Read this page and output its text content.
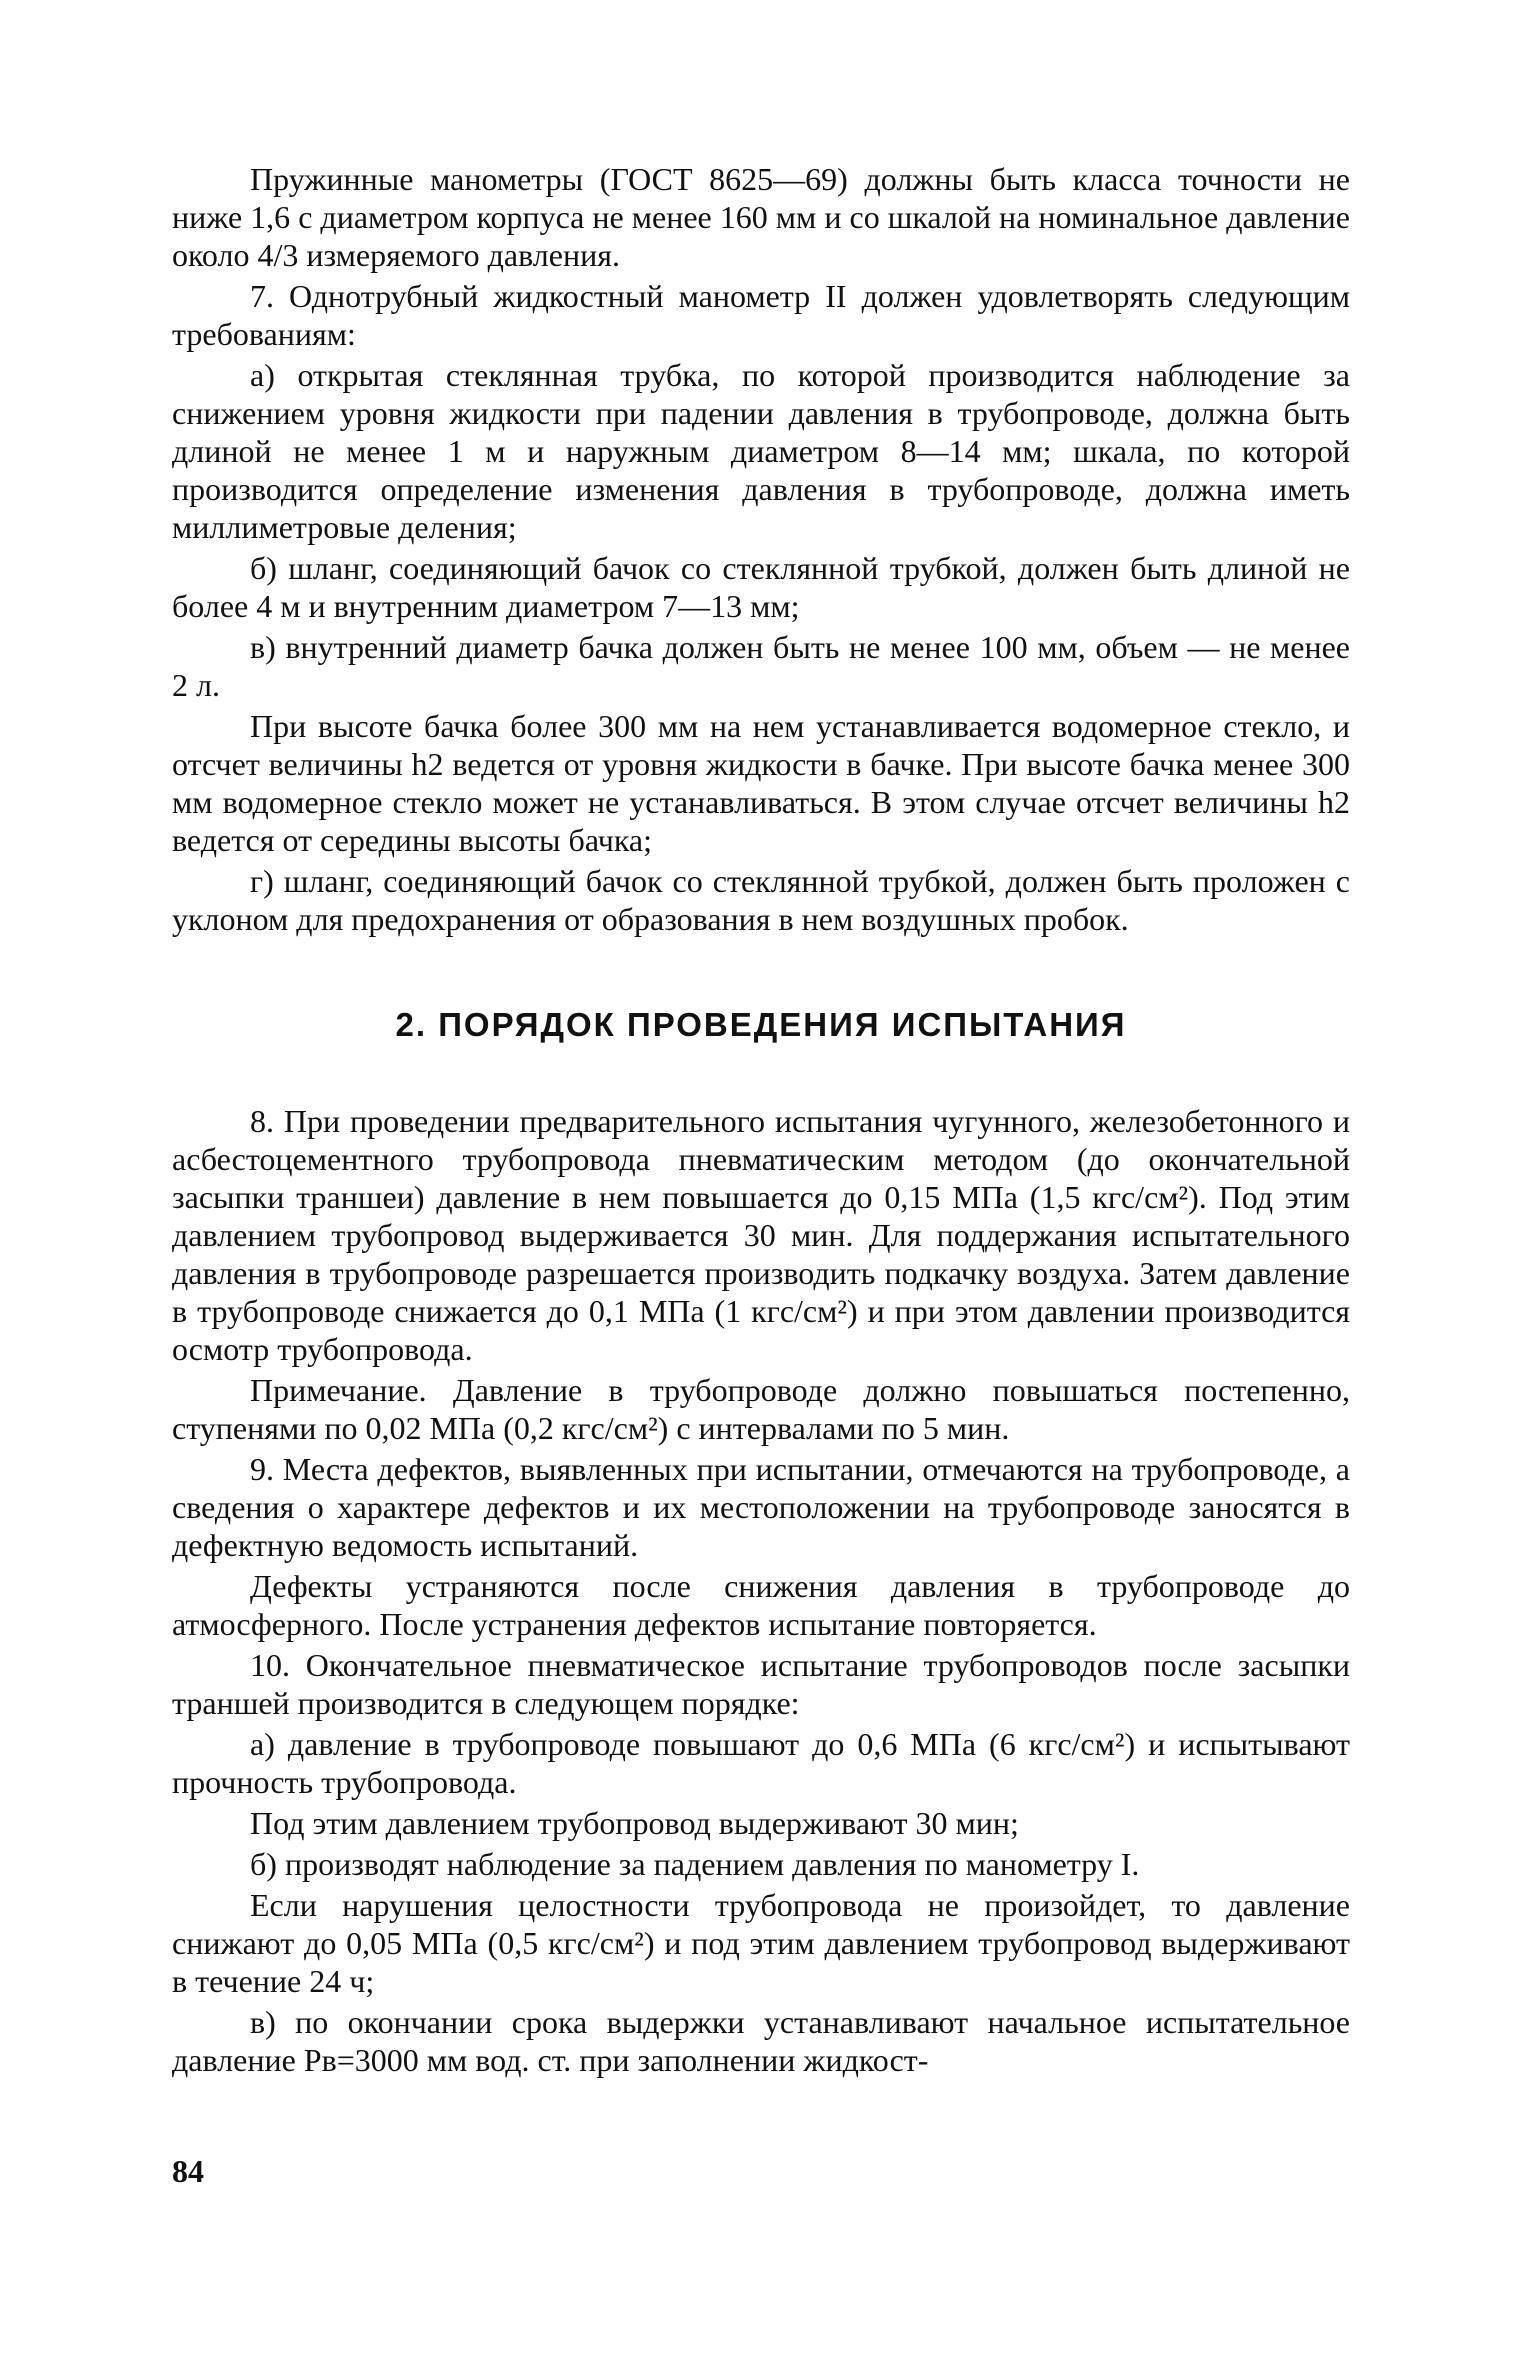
Пружинные манометры (ГОСТ 8625—69) должны быть класса точности не ниже 1,6 с диаметром корпуса не менее 160 мм и со шкалой на номинальное давление около 4/3 измеряемого давления.

7. Однотрубный жидкостный манометр II должен удовлетворять следующим требованиям:

а) открытая стеклянная трубка, по которой производится наблюдение за снижением уровня жидкости при падении давления в трубопроводе, должна быть длиной не менее 1 м и наружным диаметром 8—14 мм; шкала, по которой производится определение изменения давления в трубопроводе, должна иметь миллиметровые деления;

б) шланг, соединяющий бачок со стеклянной трубкой, должен быть длиной не более 4 м и внутренним диаметром 7—13 мм;

в) внутренний диаметр бачка должен быть не менее 100 мм, объем — не менее 2 л.

При высоте бачка более 300 мм на нем устанавливается водомерное стекло, и отсчет величины h2 ведется от уровня жидкости в бачке. При высоте бачка менее 300 мм водомерное стекло может не устанавливаться. В этом случае отсчет величины h2 ведется от середины высоты бачка;

г) шланг, соединяющий бачок со стеклянной трубкой, должен быть проложен с уклоном для предохранения от образования в нем воздушных пробок.

2. ПОРЯДОК ПРОВЕДЕНИЯ ИСПЫТАНИЯ

8. При проведении предварительного испытания чугунного, железобетонного и асбестоцементного трубопровода пневматическим методом (до окончательной засыпки траншеи) давление в нем повышается до 0,15 МПа (1,5 кгс/см²). Под этим давлением трубопровод выдерживается 30 мин. Для поддержания испытательного давления в трубопроводе разрешается производить подкачку воздуха. Затем давление в трубопроводе снижается до 0,1 МПа (1 кгс/см²) и при этом давлении производится осмотр трубопровода.

Примечание. Давление в трубопроводе должно повышаться постепенно, ступенями по 0,02 МПа (0,2 кгс/см²) с интервалами по 5 мин.

9. Места дефектов, выявленных при испытании, отмечаются на трубопроводе, а сведения о характере дефектов и их местоположении на трубопроводе заносятся в дефектную ведомость испытаний.

Дефекты устраняются после снижения давления в трубопроводе до атмосферного. После устранения дефектов испытание повторяется.

10. Окончательное пневматическое испытание трубопроводов после засыпки траншей производится в следующем порядке:

а) давление в трубопроводе повышают до 0,6 МПа (6 кгс/см²) и испытывают прочность трубопровода.

Под этим давлением трубопровод выдерживают 30 мин;

б) производят наблюдение за падением давления по манометру I.

Если нарушения целостности трубопровода не произойдет, то давление снижают до 0,05 МПа (0,5 кгс/см²) и под этим давлением трубопровод выдерживают в течение 24 ч;

в) по окончании срока выдержки устанавливают начальное испытательное давление Pв=3000 мм вод. ст. при заполнении жидкост-

84
